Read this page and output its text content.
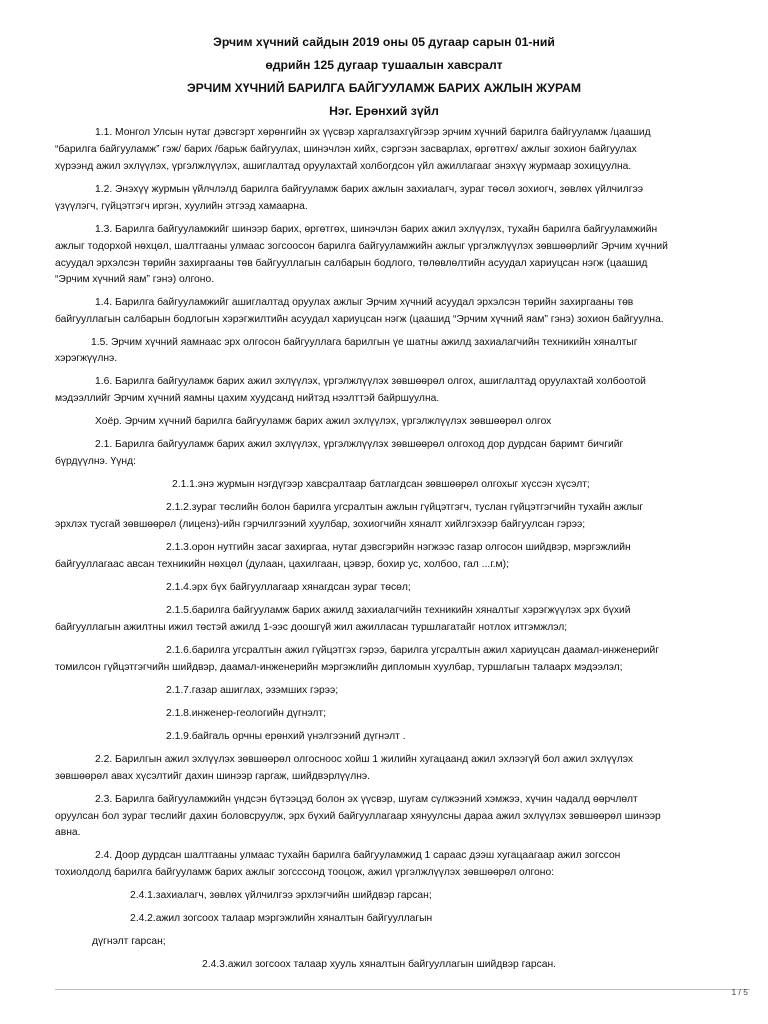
Эрчим хүчний сайдын 2019 оны 05 дугаар сарын 01-ний
өдрийн 125 дугаар тушаалын хавсралт
ЭРЧИМ ХҮЧНИЙ БАРИЛГА БАЙГУУЛАМЖ БАРИХ АЖЛЫН ЖУРАМ
Нэг. Ерөнхий зүйл
1.1. Монгол Улсын нутаг дэвсгэрт хөрөнгийн эх үүсвэр харгалзахгүйгээр эрчим хүчний барилга байгууламж /цаашид
“барилга байгууламж” гэж/ барих /барьж байгуулах, шинэчлэн хийх, сэргээн засварлах, өргөтгөх/ ажлыг зохион байгуулах
хүрээнд ажил эхлүүлэх, үргэлжлүүлэх, ашиглалтад оруулахтай холбогдсон үйл ажиллагааг энэхүү журмаар зохицуулна.
1.2. Энэхүү журмын үйлчлэлд барилга байгууламж барих ажлын захиалагч, зураг төсөл зохиогч, зөвлөх үйлчилгээ
үзүүлэгч, гүйцэтгэгч иргэн, хуулийн этгээд хамаарна.
1.3. Барилга байгууламжийг шинээр барих, өргөтгөх, шинэчлэн барих ажил эхлүүлэх, тухайн барилга байгууламжийн
ажлыг тодорхой нөхцөл, шалтгааны улмаас зогсоосон барилга байгууламжийн ажлыг үргэлжлүүлэх зөвшөөрлийг Эрчим хүчний
асуудал эрхэлсэн төрийн захиргааны төв байгууллагын салбарын бодлого, төлөвлөлтийн асуудал хариуцсан нэгж (цаашид
“Эрчим хүчний яам” гэнэ) олгоно.
1.4. Барилга байгууламжийг ашиглалтад оруулах ажлыг Эрчим хүчний асуудал эрхэлсэн төрийн захиргааны төв
байгууллагын салбарын бодлогын хэрэгжилтийн асуудал хариуцсан нэгж (цаашид “Эрчим хүчний яам” гэнэ) зохион байгуулна.
1.5. Эрчим хүчний яамнаас эрх олгосон байгууллага барилгын үе шатны ажилд захиалагчийн техникийн хяналтыг
хэрэгжүүлнэ.
1.6. Барилга байгууламж барих ажил эхлүүлэх, үргэлжлүүлэх зөвшөөрөл олгох, ашиглалтад оруулахтай холбоотой
мэдээллийг Эрчим хүчний яамны цахим хуудсанд нийтэд нээлттэй байршуулна.
Хоёр. Эрчим хүчний барилга байгууламж барих ажил эхлүүлэх, үргэлжлүүлэх зөвшөөрөл олгох
2.1. Барилга байгууламж барих ажил эхлүүлэх, үргэлжлүүлэх зөвшөөрөл олгоход дор дурдсан баримт бичгийг
бүрдүүлнэ. Үүнд:
2.1.1.энэ журмын нэгдүгээр хавсралтаар батлагдсан зөвшөөрөл олгохыг хүссэн хүсэлт;
2.1.2.зураг төслийн болон барилга угсралтын ажлын гүйцэтгэгч, туслан гүйцэтгэгчийн тухайн ажлыг
эрхлэх тусгай зөвшөөрөл (лиценз)-ийн гэрчилгээний хуулбар, зохиогчийн хяналт хийлгэхээр байгуулсан гэрээ;
2.1.3.орон нутгийн засаг захиргаа, нутаг дэвсгэрийн нэгжээс газар олгосон шийдвэр, мэргэжлийн
байгууллагаас авсан техникийн нөхцөл (дулаан, цахилгаан, цэвэр, бохир ус, холбоо, гал ...г.м);
2.1.4.эрх бүх байгууллагаар хянагдсан зураг төсөл;
2.1.5.барилга байгууламж барих ажилд захиалагчийн техникийн хяналтыг хэрэгжүүлэх эрх бүхий
байгууллагын ажилтны ижил төстэй ажилд 1-ээс доошгүй жил ажилласан туршлагатайг нотлох итгэмжлэл;
2.1.6.барилга угсралтын ажил гүйцэтгэх гэрээ, барилга угсралтын ажил хариуцсан даамал-инженерийг
томилсон гүйцэтгэгчийн шийдвэр, даамал-инженерийн мэргэжлийн дипломын хуулбар, туршлагын талаарх мэдээлэл;
2.1.7.газар ашиглах, эзэмших гэрээ;
2.1.8.инженер-геологийн дүгнэлт;
2.1.9.байгаль орчны ерөнхий үнэлгээний дүгнэлт .
2.2. Барилгын ажил эхлүүлэх зөвшөөрөл олгосноос хойш 1 жилийн хугацаанд ажил эхлээгүй бол ажил эхлүүлэх
зөвшөөрөл авах хүсэлтийг дахин шинээр гаргаж, шийдвэрлүүлнэ.
2.3. Барилга байгууламжийн үндсэн бүтээцэд болон эх үүсвэр, шугам сүлжээний хэмжээ, хүчин чадалд өөрчлөлт
оруулсан бол зураг төслийг дахин боловсруулж, эрх бүхий байгууллагаар хянуулсны дараа ажил эхлүүлэх зөвшөөрөл шинээр
авна.
2.4. Доор дурдсан шалтгааны улмаас тухайн барилга байгууламжид 1 сараас дээш хугацаагаар ажил зогссон
тохиолдолд барилга байгууламж барих ажлыг зогсссонд тооцож, ажил үргэлжлүүлэх зөвшөөрөл олгоно:
2.4.1.захиалагч, зөвлөх үйлчилгээ эрхлэгчийн шийдвэр гарсан;
2.4.2.ажил зогсоох талаар мэргэжлийн хяналтын байгууллагын
дүгнэлт гарсан;
2.4.3.ажил зогсоох талаар хууль хяналтын байгууллагын шийдвэр гарсан.
1 / 5
